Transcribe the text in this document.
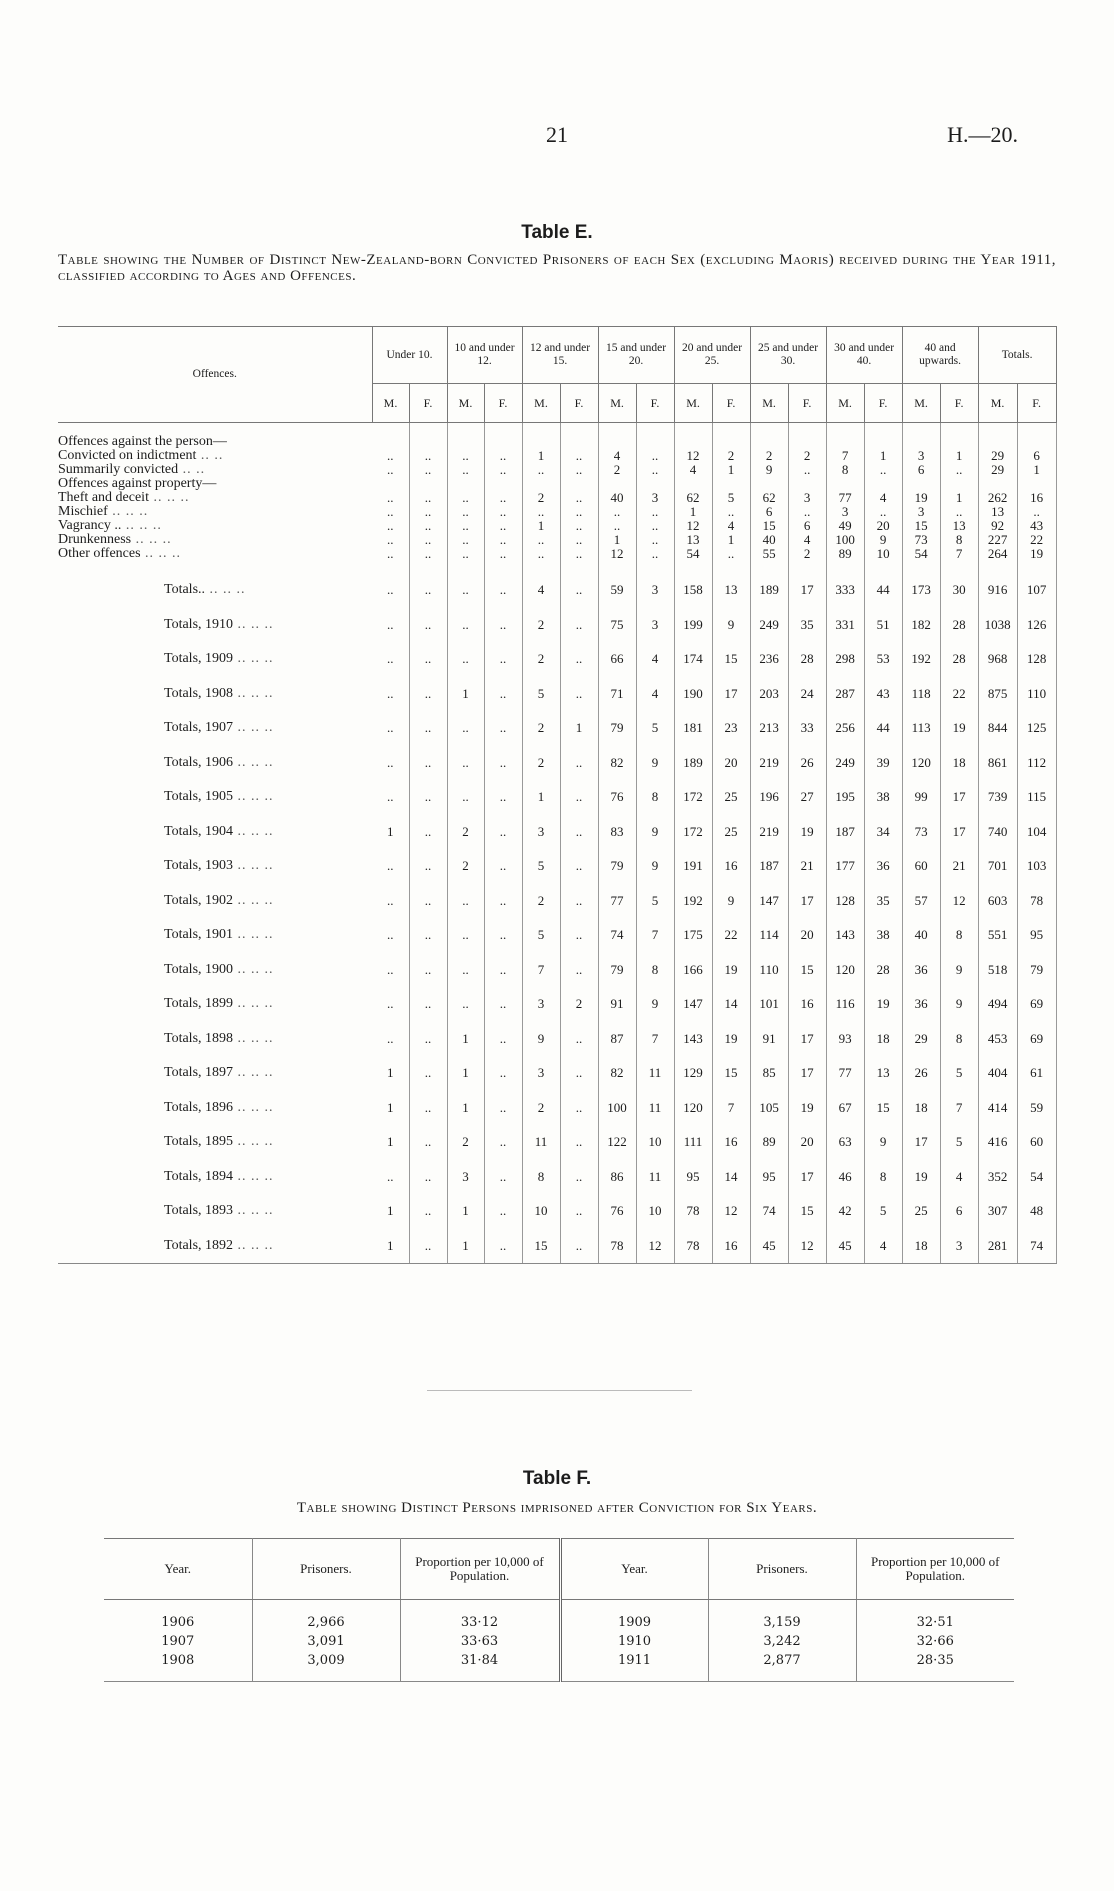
21	H.—20.
Table E.
Table showing the Number of Distinct New-Zealand-born Convicted Prisoners of each Sex (excluding Maoris) received during the Year 1911, classified according to Ages and Offences.
Offences.	Under 10.		10 and under 12.		12 and under 15.		15 and under 20.		20 and under 25.		25 and under 30.		30 and under 40.		40 and upwards.		Totals.	
	M.	F.	M.	F.	M.	F.	M.	F.	M.	F.	M.	F.	M.	F.	M.	F.	M.	F.

Offences against the person—																		
Convicted on indictment .. ..	..	..	..	..	1	..	4	..	12	2	2	2	7	1	3	1	29	6
Summarily convicted .. ..	..	..	..	..	..	..	2	..	4	1	9	..	8	..	6	..	29	1
Offences against property—																		
Theft and deceit .. .. ..	..	..	..	..	2	..	40	3	62	5	62	3	77	4	19	1	262	16
Mischief .. .. ..	..	..	..	..	..	..	..	..	1	..	6	..	3	..	3	..	13	..
Vagrancy .. .. .. ..	..	..	..	..	1	..	..	..	12	4	15	6	49	20	15	13	92	43
Drunkenness .. .. ..	..	..	..	..	..	..	1	..	13	1	40	4	100	9	73	8	227	22
Other offences .. .. ..	..	..	..	..	..	..	12	..	54	..	55	2	89	10	54	7	264	19

Totals.. .. .. ..	..	..	..	..	4	..	59	3	158	13	189	17	333	44	173	30	916	107
Totals, 1910 .. .. ..	..	..	..	..	2	..	75	3	199	9	249	35	331	51	182	28	1038	126
Totals, 1909 .. .. ..	..	..	..	..	2	..	66	4	174	15	236	28	298	53	192	28	968	128
Totals, 1908 .. .. ..	..	..	1	..	5	..	71	4	190	17	203	24	287	43	118	22	875	110
Totals, 1907 .. .. ..	..	..	..	..	2	1	79	5	181	23	213	33	256	44	113	19	844	125
Totals, 1906 .. .. ..	..	..	..	..	2	..	82	9	189	20	219	26	249	39	120	18	861	112
Totals, 1905 .. .. ..	..	..	..	..	1	..	76	8	172	25	196	27	195	38	99	17	739	115
Totals, 1904 .. .. ..	1	..	2	..	3	..	83	9	172	25	219	19	187	34	73	17	740	104
Totals, 1903 .. .. ..	..	..	2	..	5	..	79	9	191	16	187	21	177	36	60	21	701	103
Totals, 1902 .. .. ..	..	..	..	..	2	..	77	5	192	9	147	17	128	35	57	12	603	78
Totals, 1901 .. .. ..	..	..	..	..	5	..	74	7	175	22	114	20	143	38	40	8	551	95
Totals, 1900 .. .. ..	..	..	..	..	7	..	79	8	166	19	110	15	120	28	36	9	518	79
Totals, 1899 .. .. ..	..	..	..	..	3	2	91	9	147	14	101	16	116	19	36	9	494	69
Totals, 1898 .. .. ..	..	..	1	..	9	..	87	7	143	19	91	17	93	18	29	8	453	69
Totals, 1897 .. .. ..	1	..	1	..	3	..	82	11	129	15	85	17	77	13	26	5	404	61
Totals, 1896 .. .. ..	1	..	1	..	2	..	100	11	120	7	105	19	67	15	18	7	414	59
Totals, 1895 .. .. ..	1	..	2	..	11	..	122	10	111	16	89	20	63	9	17	5	416	60
Totals, 1894 .. .. ..	..	..	3	..	8	..	86	11	95	14	95	17	46	8	19	4	352	54
Totals, 1893 .. .. ..	1	..	1	..	10	..	76	10	78	12	74	15	42	5	25	6	307	48
Totals, 1892 .. .. ..	1	..	1	..	15	..	78	12	78	16	45	12	45	4	18	3	281	74
Table F.
Table showing Distinct Persons imprisoned after Conviction for Six Years.
Year.	Prisoners.	Proportion per 10,000 of Population.	Year.	Prisoners.	Proportion per 10,000 of Population.
1906	2,966	33·12	1909	3,159	32·51
1907	3,091	33·63	1910	3,242	32·66
1908	3,009	31·84	1911	2,877	28·35
